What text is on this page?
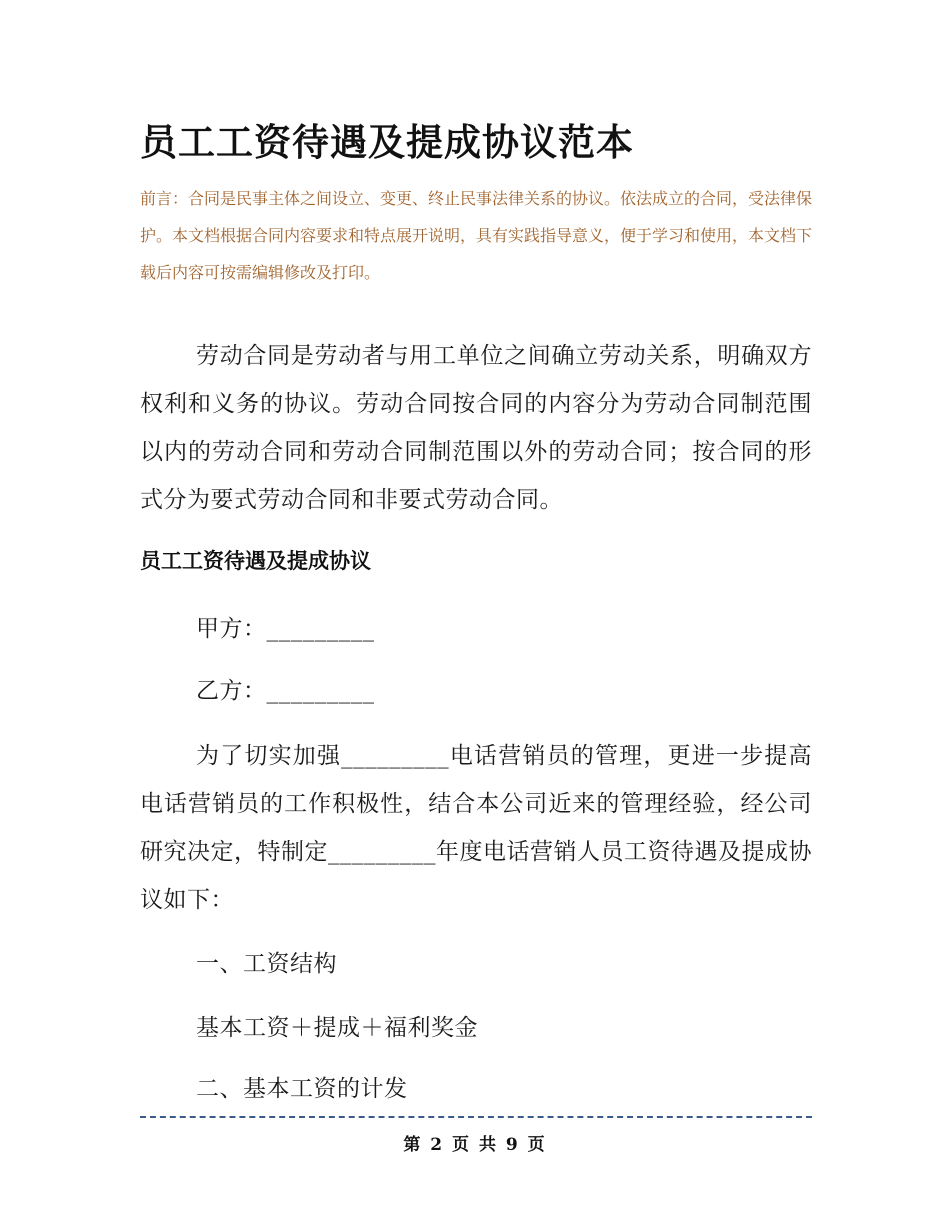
员工工资待遇及提成协议范本
前言：合同是民事主体之间设立、变更、终止民事法律关系的协议。依法成立的合同，受法律保护。本文档根据合同内容要求和特点展开说明，具有实践指导意义，便于学习和使用，本文档下载后内容可按需编辑修改及打印。
劳动合同是劳动者与用工单位之间确立劳动关系，明确双方权利和义务的协议。劳动合同按合同的内容分为劳动合同制范围以内的劳动合同和劳动合同制范围以外的劳动合同；按合同的形式分为要式劳动合同和非要式劳动合同。
员工工资待遇及提成协议
甲方：_________
乙方：_________
为了切实加强_________电话营销员的管理，更进一步提高电话营销员的工作积极性，结合本公司近来的管理经验，经公司研究决定，特制定_________年度电话营销人员工资待遇及提成协议如下：
一、工资结构
基本工资＋提成＋福利奖金
二、基本工资的计发
第 2 页 共 9 页
